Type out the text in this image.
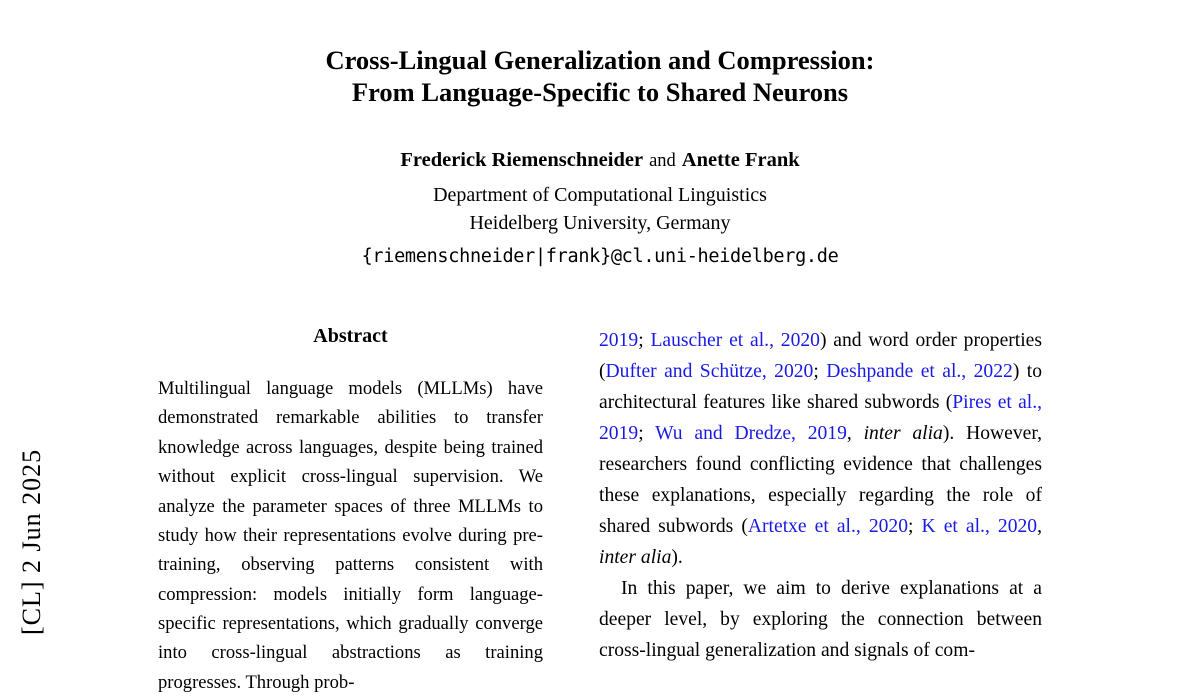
[CL] 2 Jun 2025
Cross-Lingual Generalization and Compression:
From Language-Specific to Shared Neurons
Frederick Riemenschneider and Anette Frank
Department of Computational Linguistics
Heidelberg University, Germany
{riemenschneider|frank}@cl.uni-heidelberg.de
Abstract
Multilingual language models (MLLMs) have demonstrated remarkable abilities to transfer knowledge across languages, despite being trained without explicit cross-lingual supervision. We analyze the parameter spaces of three MLLMs to study how their representations evolve during pre-training, observing patterns consistent with compression: models initially form language-specific representations, which gradually converge into cross-lingual abstractions as training progresses. Through prob-

2019; Lauscher et al., 2020) and word order properties (Dufter and Schütze, 2020; Deshpande et al., 2022) to architectural features like shared subwords (Pires et al., 2019; Wu and Dredze, 2019, inter alia). However, researchers found conflicting evidence that challenges these explanations, especially regarding the role of shared subwords (Artetxe et al., 2020; K et al., 2020, inter alia).

In this paper, we aim to derive explanations at a deeper level, by exploring the connection between cross-lingual generalization and signals of com-
